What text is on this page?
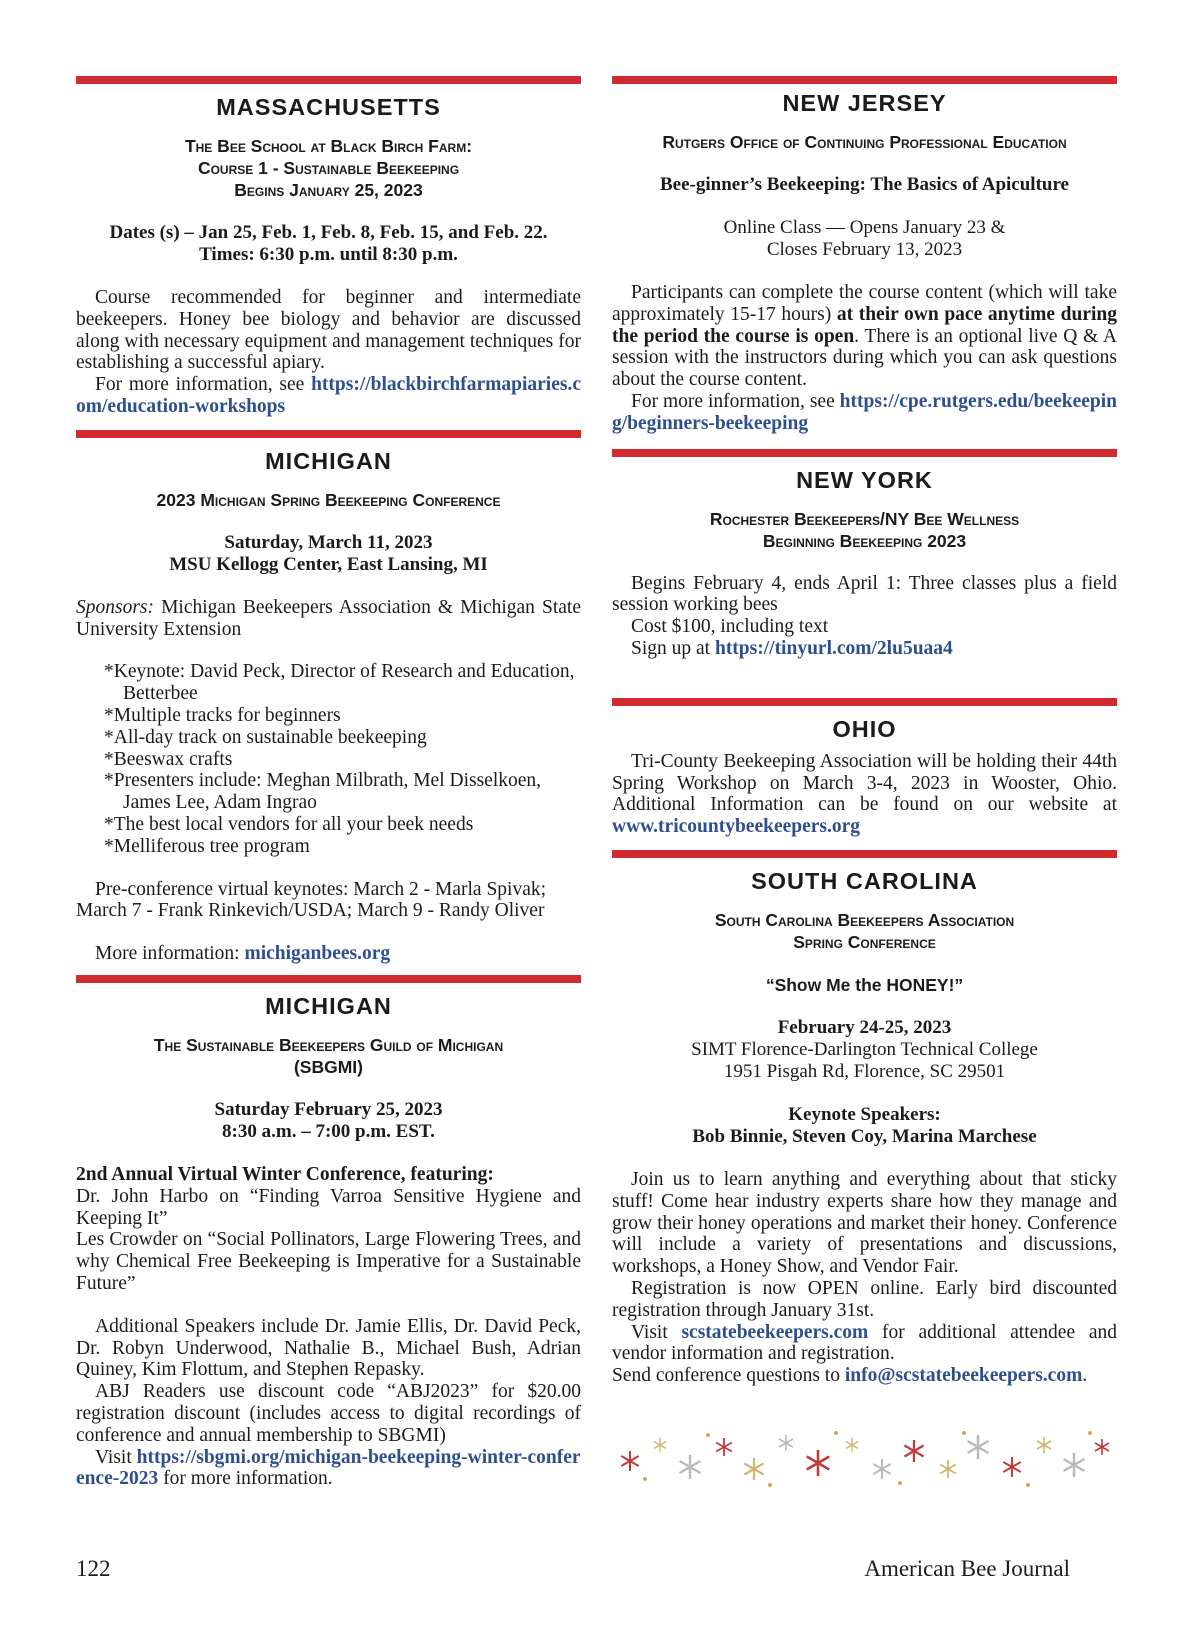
MASSACHUSETTS
The Bee School at Black Birch Farm:
Course 1 - Sustainable Beekeeping
Begins January 25, 2023
Dates (s) – Jan 25, Feb. 1, Feb. 8, Feb. 15, and Feb. 22.
Times: 6:30 p.m. until 8:30 p.m.

Course recommended for beginner and intermediate beekeepers. Honey bee biology and behavior are discussed along with necessary equipment and management techniques for establishing a successful apiary.

For more information, see https://blackbirchfarmapiaries.com/education-workshops

MICHIGAN
2023 Michigan Spring Beekeeping Conference
Saturday, March 11, 2023
MSU Kellogg Center, East Lansing, MI

Sponsors: Michigan Beekeepers Association & Michigan State University Extension

*Keynote: David Peck, Director of Research and Education, Betterbee
*Multiple tracks for beginners
*All-day track on sustainable beekeeping
*Beeswax crafts
*Presenters include: Meghan Milbrath, Mel Disselkoen, James Lee, Adam Ingrao
*The best local vendors for all your beek needs
*Melliferous tree program

Pre-conference virtual keynotes: March 2 - Marla Spivak; March 7 - Frank Rinkevich/USDA; March 9 - Randy Oliver

More information: michiganbees.org

MICHIGAN
The Sustainable Beekeepers Guild of Michigan
(SBGMI)
Saturday February 25, 2023
8:30 a.m. – 7:00 p.m. EST.

2nd Annual Virtual Winter Conference, featuring:

Dr. John Harbo on “Finding Varroa Sensitive Hygiene and Keeping It”

Les Crowder on “Social Pollinators, Large Flowering Trees, and why Chemical Free Beekeeping is Imperative for a Sustainable Future”

Additional Speakers include Dr. Jamie Ellis, Dr. David Peck, Dr. Robyn Underwood, Nathalie B., Michael Bush, Adrian Quiney, Kim Flottum, and Stephen Repasky.

ABJ Readers use discount code “ABJ2023” for $20.00 registration discount (includes access to digital recordings of conference and annual membership to SBGMI)

Visit https://sbgmi.org/michigan-beekeeping-winter-conference-2023 for more information.

NEW JERSEY
Rutgers Office of Continuing Professional Education
Bee-ginner’s Beekeeping: The Basics of Apiculture
Online Class — Opens January 23 &
Closes February 13, 2023

Participants can complete the course content (which will take approximately 15-17 hours) at their own pace anytime during the period the course is open. There is an optional live Q & A session with the instructors during which you can ask questions about the course content.

For more information, see https://cpe.rutgers.edu/beekeeping/beginners-beekeeping

NEW YORK
Rochester Beekeepers/NY Bee Wellness
Beginning Beekeeping 2023

Begins February 4, ends April 1: Three classes plus a field session working bees

Cost $100, including text

Sign up at https://tinyurl.com/2lu5uaa4

OHIO

Tri-County Beekeeping Association will be holding their 44th Spring Workshop on March 3-4, 2023 in Wooster, Ohio. Additional Information can be found on our website at www.tricountybeekeepers.org

SOUTH CAROLINA
South Carolina Beekeepers Association
Spring Conference
“Show Me the HONEY!”
February 24-25, 2023
SIMT Florence-Darlington Technical College
1951 Pisgah Rd, Florence, SC 29501
Keynote Speakers:
Bob Binnie, Steven Coy, Marina Marchese

Join us to learn anything and everything about that sticky stuff! Come hear industry experts share how they manage and grow their honey operations and market their honey. Conference will include a variety of presentations and discussions, workshops, a Honey Show, and Vendor Fair.

Registration is now OPEN online. Early bird discounted registration through January 31st.

Visit scstatebeekeepers.com for additional attendee and vendor information and registration.

Send conference questions to info@scstatebeekeepers.com.

122	American Bee Journal
